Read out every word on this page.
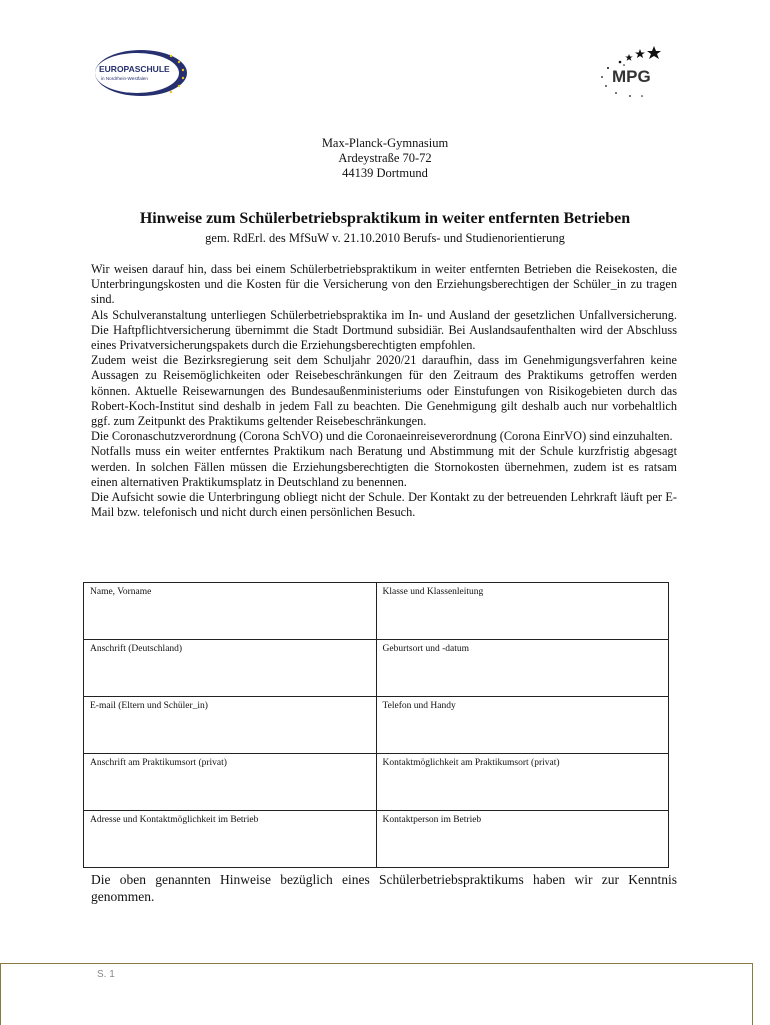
EUROPASCHULE
in Nordrhein-Westfalen	MPG
Max-Planck-Gymnasium
Ardeystraße 70-72
44139 Dortmund
Hinweise zum Schülerbetriebspraktikum in weiter entfernten Betrieben
gem. RdErl. des MfSuW v. 21.10.2010 Berufs- und Studienorientierung

Wir weisen darauf hin, dass bei einem Schülerbetriebspraktikum in weiter entfernten Betrieben die Reisekosten, die Unterbringungskosten und die Kosten für die Versicherung von den Erziehungsberechtigen der Schüler_in zu tragen sind.

Als Schulveranstaltung unterliegen Schülerbetriebspraktika im In- und Ausland der gesetzlichen Unfallversicherung. Die Haftpflichtversicherung übernimmt die Stadt Dortmund subsidiär. Bei Auslandsaufenthalten wird der Abschluss eines Privatversicherungspakets durch die Erziehungsberechtigten empfohlen.

Zudem weist die Bezirksregierung seit dem Schuljahr 2020/21 daraufhin, dass im Genehmigungsverfahren keine Aussagen zu Reisemöglichkeiten oder Reisebeschränkungen für den Zeitraum des Praktikums getroffen werden können. Aktuelle Reisewarnungen des Bundesaußenministeriums oder Einstufungen von Risikogebieten durch das Robert-Koch-Institut sind deshalb in jedem Fall zu beachten. Die Genehmigung gilt deshalb auch nur vorbehaltlich ggf. zum Zeitpunkt des Praktikums geltender Reisebeschränkungen.

Die Coronaschutzverordnung (Corona SchVO) und die Coronaeinreiseverordnung (Corona EinrVO) sind einzuhalten.

Notfalls muss ein weiter entferntes Praktikum nach Beratung und Abstimmung mit der Schule kurzfristig abgesagt werden. In solchen Fällen müssen die Erziehungsberechtigten die Stornokosten übernehmen, zudem ist es ratsam einen alternativen Praktikumsplatz in Deutschland zu benennen.

Die Aufsicht sowie die Unterbringung obliegt nicht der Schule. Der Kontakt zu der betreuenden Lehrkraft läuft per E-Mail bzw. telefonisch und nicht durch einen persönlichen Besuch.

Name, Vorname	Klasse und Klassenleitung
Anschrift (Deutschland)	Geburtsort und -datum
E-mail (Eltern und Schüler_in)	Telefon und Handy
Anschrift am Praktikumsort (privat)	Kontaktmöglichkeit am Praktikumsort (privat)
Adresse und Kontaktmöglichkeit im Betrieb	Kontaktperson im Betrieb
Die oben genannten Hinweise bezüglich eines Schülerbetriebspraktikums haben wir zur Kenntnis genommen.
S. 1
